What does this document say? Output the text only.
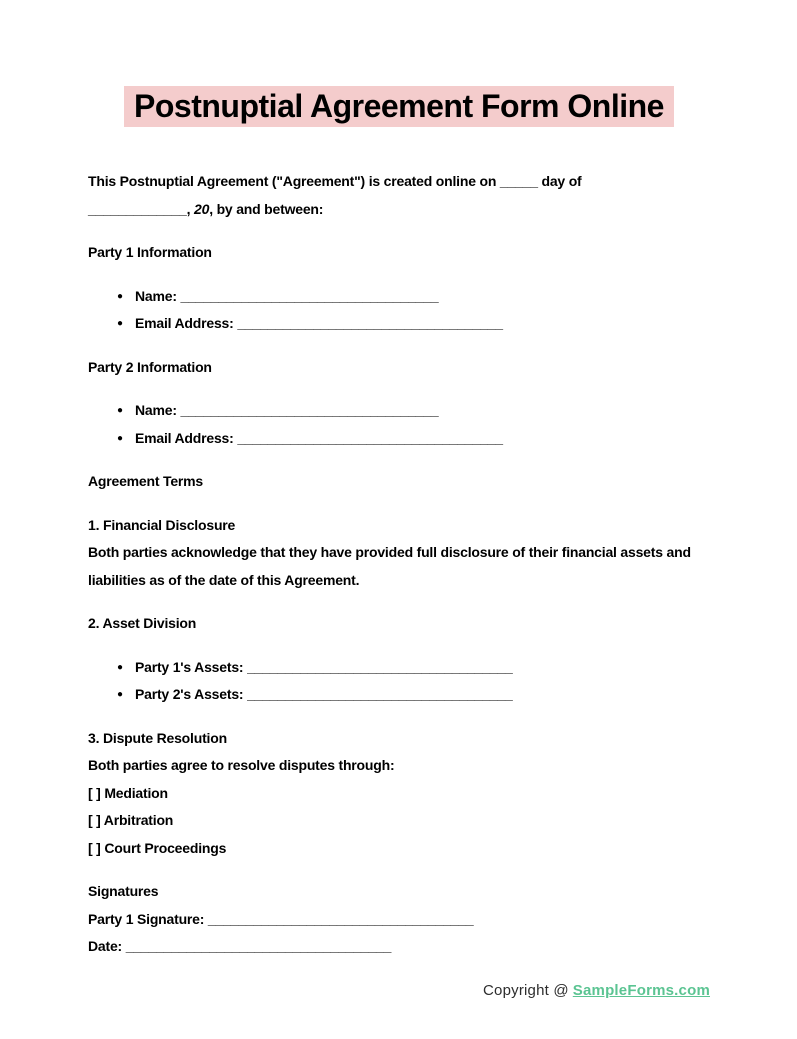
Postnuptial Agreement Form Online

This Postnuptial Agreement ("Agreement") is created online on _____ day of
_____________, 20, by and between:

Party 1 Information

● Name: __________________________________
● Email Address: ___________________________________

Party 2 Information

● Name: __________________________________
● Email Address: ___________________________________

Agreement Terms

1. Financial Disclosure
Both parties acknowledge that they have provided full disclosure of their financial assets and liabilities as of the date of this Agreement.

2. Asset Division

● Party 1's Assets: ___________________________________
● Party 2's Assets: ___________________________________
3. Dispute Resolution
Both parties agree to resolve disputes through:
[ ] Mediation
[ ] Arbitration
[ ] Court Proceedings
Signatures
Party 1 Signature: ___________________________________
Date: ___________________________________
Copyright @ SampleForms.com
